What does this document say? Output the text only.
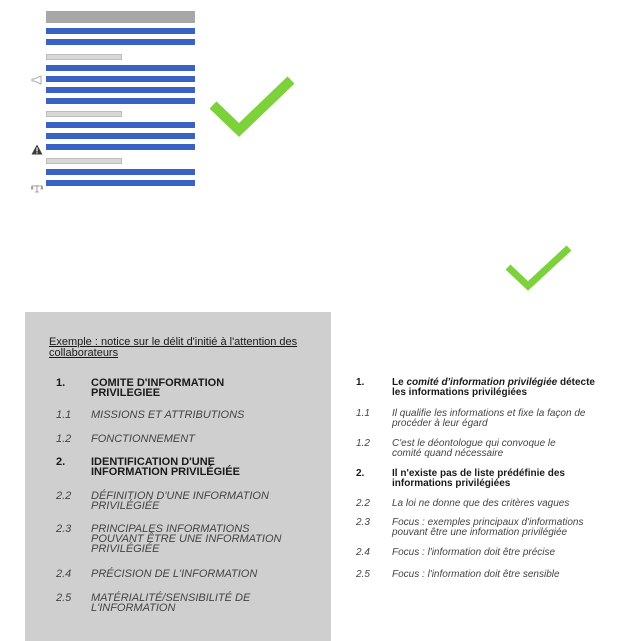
Exemple : notice sur le délit d'initié à l'attention des collaborateurs
1.	COMITE D'INFORMATION PRIVILEGIEE
1.1	MISSIONS ET ATTRIBUTIONS
1.2	FONCTIONNEMENT
2.	IDENTIFICATION D'UNE INFORMATION PRIVILÉGIÉE
2.2	DÉFINITION D'UNE INFORMATION PRIVILÉGIÉE
2.3	PRINCIPALES INFORMATIONS POUVANT ÊTRE UNE INFORMATION PRIVILÉGIÉE
2.4	PRÉCISION DE L'INFORMATION
2.5	MATÉRIALITÉ/SENSIBILITÉ DE L'INFORMATION
1.	Le comité d'information privilégiée détecte les informations privilégiées
1.1	Il qualifie les informations et fixe la façon de procéder à leur égard
1.2	C'est le déontologue qui convoque le comité quand nécessaire
2.	Il n'existe pas de liste prédéfinie des informations privilégiées
2.2	La loi ne donne que des critères vagues
2.3	Focus : exemples principaux d'informations pouvant être une information privilégiée
2.4	Focus : l'information doit être précise
2.5	Focus : l'information doit être sensible
